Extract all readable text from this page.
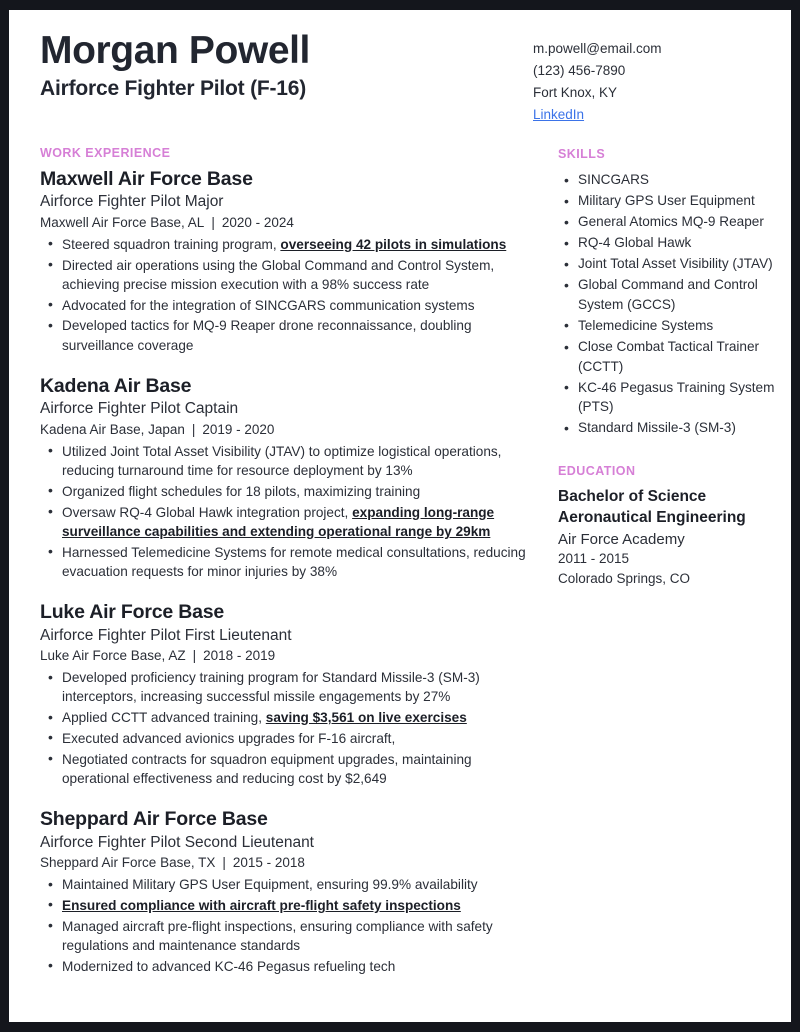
Morgan Powell
Airforce Fighter Pilot (F-16)
m.powell@email.com
(123) 456-7890
Fort Knox, KY
LinkedIn
WORK EXPERIENCE
Maxwell Air Force Base
Airforce Fighter Pilot Major
Maxwell Air Force Base, AL | 2020 - 2024
• Steered squadron training program, overseeing 42 pilots in simulations
• Directed air operations using the Global Command and Control System, achieving precise mission execution with a 98% success rate
• Advocated for the integration of SINCGARS communication systems
• Developed tactics for MQ-9 Reaper drone reconnaissance, doubling surveillance coverage
Kadena Air Base
Airforce Fighter Pilot Captain
Kadena Air Base, Japan | 2019 - 2020
• Utilized Joint Total Asset Visibility (JTAV) to optimize logistical operations, reducing turnaround time for resource deployment by 13%
• Organized flight schedules for 18 pilots, maximizing training
• Oversaw RQ-4 Global Hawk integration project, expanding long-range surveillance capabilities and extending operational range by 29km
• Harnessed Telemedicine Systems for remote medical consultations, reducing evacuation requests for minor injuries by 38%
Luke Air Force Base
Airforce Fighter Pilot First Lieutenant
Luke Air Force Base, AZ | 2018 - 2019
• Developed proficiency training program for Standard Missile-3 (SM-3) interceptors, increasing successful missile engagements by 27%
• Applied CCTT advanced training, saving $3,561 on live exercises
• Executed advanced avionics upgrades for F-16 aircraft,
• Negotiated contracts for squadron equipment upgrades, maintaining operational effectiveness and reducing cost by $2,649
Sheppard Air Force Base
Airforce Fighter Pilot Second Lieutenant
Sheppard Air Force Base, TX | 2015 - 2018
• Maintained Military GPS User Equipment, ensuring 99.9% availability
• Ensured compliance with aircraft pre-flight safety inspections
• Managed aircraft pre-flight inspections, ensuring compliance with safety regulations and maintenance standards
• Modernized to advanced KC-46 Pegasus refueling tech
SKILLS
• SINCGARS
• Military GPS User Equipment
• General Atomics MQ-9 Reaper
• RQ-4 Global Hawk
• Joint Total Asset Visibility (JTAV)
• Global Command and Control System (GCCS)
• Telemedicine Systems
• Close Combat Tactical Trainer (CCTT)
• KC-46 Pegasus Training System (PTS)
• Standard Missile-3 (SM-3)
EDUCATION
Bachelor of Science
Aeronautical Engineering
Air Force Academy
2011 - 2015
Colorado Springs, CO
